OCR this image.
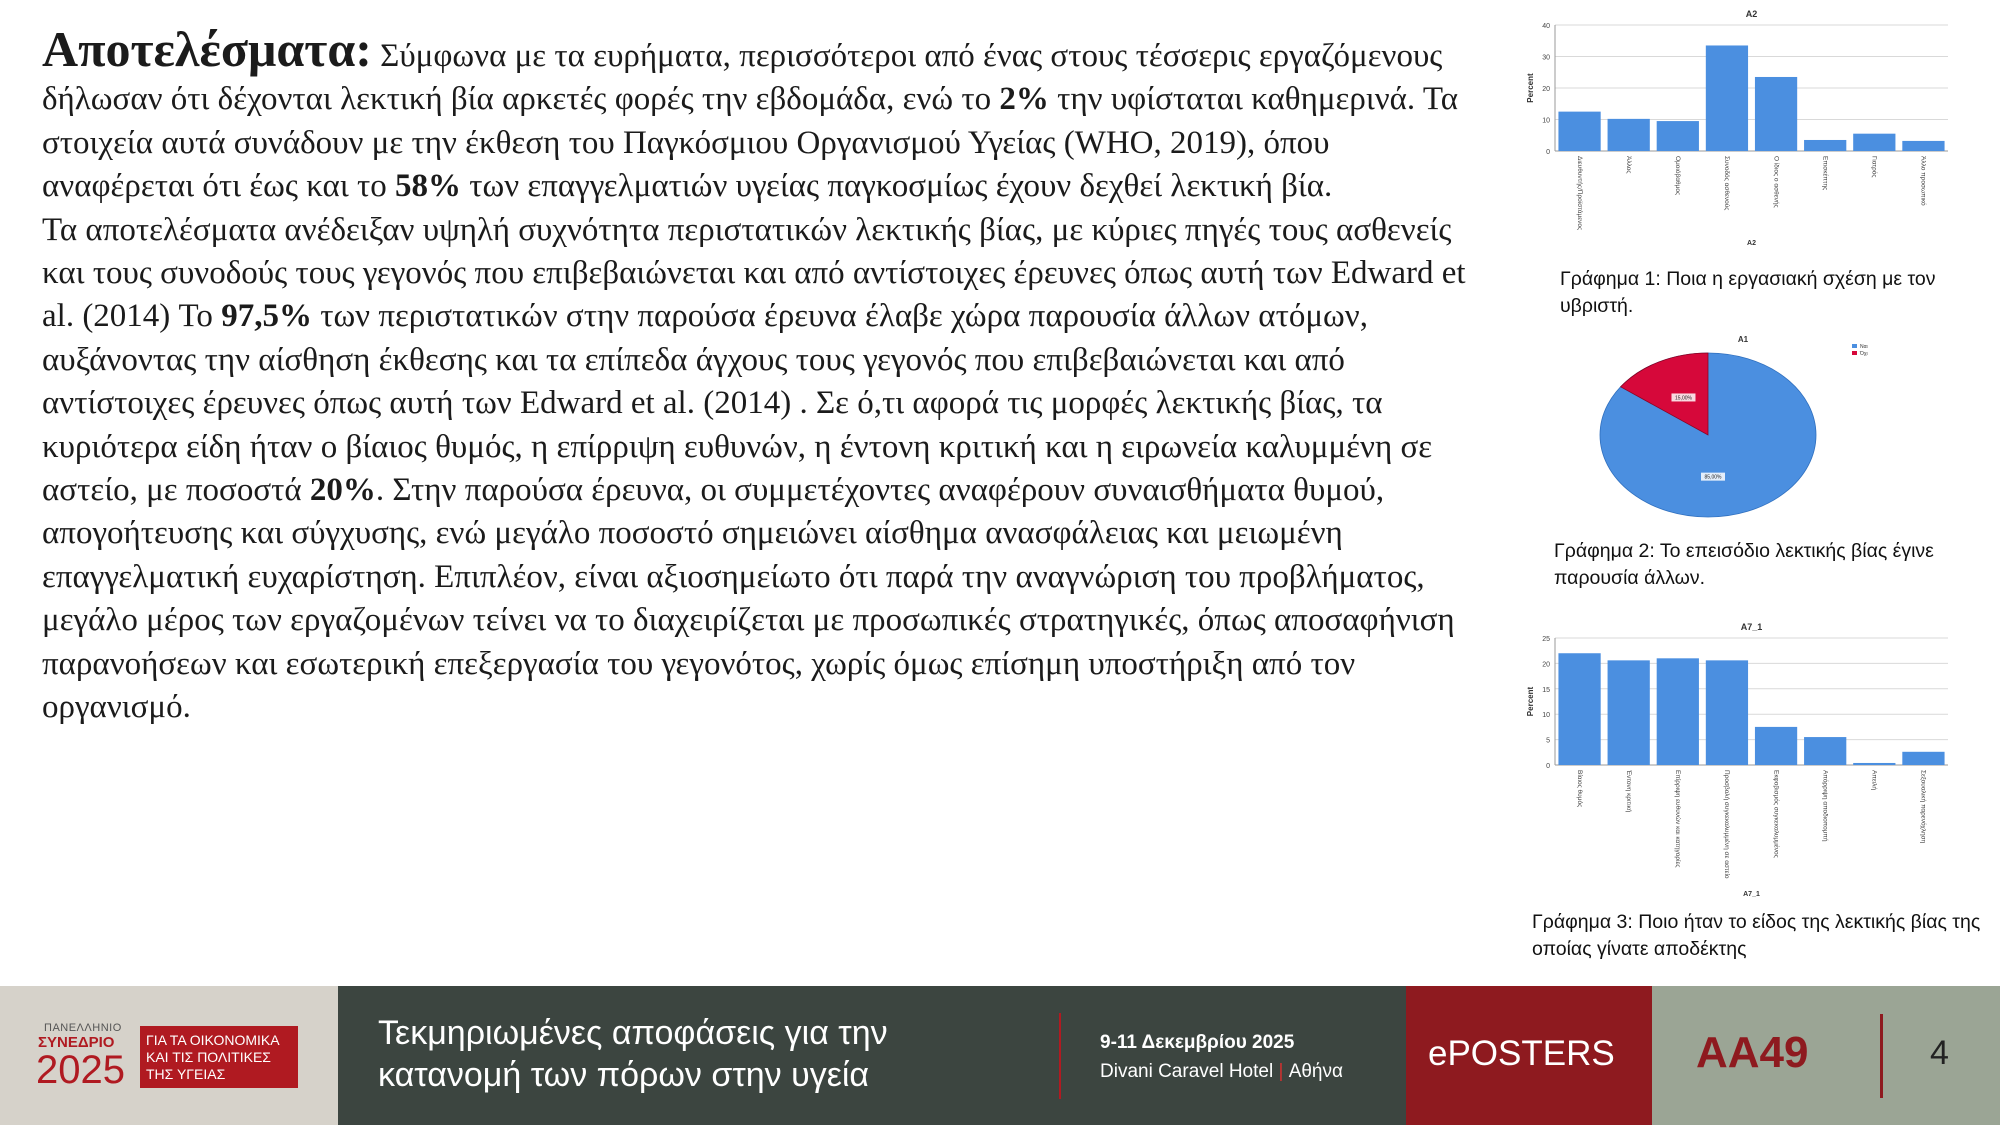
Αποτελέσματα: Σύμφωνα με τα ευρήματα, περισσότεροι από ένας στους τέσσερις εργαζόμενους δήλωσαν ότι δέχονται λεκτική βία αρκετές φορές την εβδομάδα, ενώ το 2% την υφίσταται καθημερινά. Τα στοιχεία αυτά συνάδουν με την έκθεση του Παγκόσμιου Οργανισμού Υγείας (WHO, 2019), όπου αναφέρεται ότι έως και το 58% των επαγγελματιών υγείας παγκοσμίως έχουν δεχθεί λεκτική βία.

Τα αποτελέσματα ανέδειξαν υψηλή συχνότητα περιστατικών λεκτικής βίας, με κύριες πηγές τους ασθενείς και τους συνοδούς τους γεγονός που επιβεβαιώνεται και από αντίστοιχες έρευνες όπως αυτή των Edward et al. (2014) Το 97,5% των περιστατικών στην παρούσα έρευνα έλαβε χώρα παρουσία άλλων ατόμων, αυξάνοντας την αίσθηση έκθεσης και τα επίπεδα άγχους τους γεγονός που επιβεβαιώνεται και από αντίστοιχες έρευνες όπως αυτή των Edward et al. (2014) . Σε ό,τι αφορά τις μορφές λεκτικής βίας, τα κυριότερα είδη ήταν ο βίαιος θυμός, η επίρριψη ευθυνών, η έντονη κριτική και η ειρωνεία καλυμμένη σε αστείο, με ποσοστά 20%. Στην παρούσα έρευνα, οι συμμετέχοντες αναφέρουν συναισθήματα θυμού, απογοήτευσης και σύγχυσης, ενώ μεγάλο ποσοστό σημειώνει αίσθημα ανασφάλειας και μειωμένη επαγγελματική ευχαρίστηση. Επιπλέον, είναι αξιοσημείωτο ότι παρά την αναγνώριση του προβλήματος, μεγάλο μέρος των εργαζομένων τείνει να το διαχειρίζεται με προσωπικές στρατηγικές, όπως αποσαφήνιση παρανοήσεων και εσωτερική επεξεργασία του γεγονότος, χωρίς όμως επίσημη υποστήριξη από τον οργανισμό.

A2
0
10
20
30
40
Διευθυντής/Προϊστάμενος	Άλλος	Ομοιόβαθμος	Συνοδός ασθενούς	Ο ίδιος ο ασθενής	Επισκέπτης	Γιατρός	Άλλο προσωπικό
Percent
A2
Γράφημα 1: Ποια η εργασιακή σχέση με τον υβριστή.
A1
15,00%
85,00%
Ναι
Όχι
Γράφημα 2: Το επεισόδιο λεκτικής βίας έγινε παρουσία άλλων.
A7_1
0
5
10
15
20
25
Βίαιος θυμός	Έντονη κριτική	Επίρριψη ευθυνών και κατηγορίες	Προσβολή συγκεκαλυμμένη σε αστείο	Εκφοβισμός συγκεκαλυμμένος	Απόρριψη αποδιοπομπή	Απειλή	Σεξουαλική παρενόχληση
Percent
A7_1
Γράφημα 3: Ποιο ήταν το είδος της λεκτικής βίας της οποίας γίνατε αποδέκτης
ΠΑΝΕΛΛΗΝΙΟ
ΣΥΝΕΔΡΙΟ
2025
ΓΙΑ ΤΑ ΟΙΚΟΝΟΜΙΚΑ
ΚΑΙ ΤΙΣ ΠΟΛΙΤΙΚΕΣ
ΤΗΣ ΥΓΕΙΑΣ
Τεκμηριωμένες αποφάσεις για την
κατανομή των πόρων στην υγεία
9-11 Δεκεμβρίου 2025
Divani Caravel Hotel | Αθήνα ePOSTERS AA49	4
